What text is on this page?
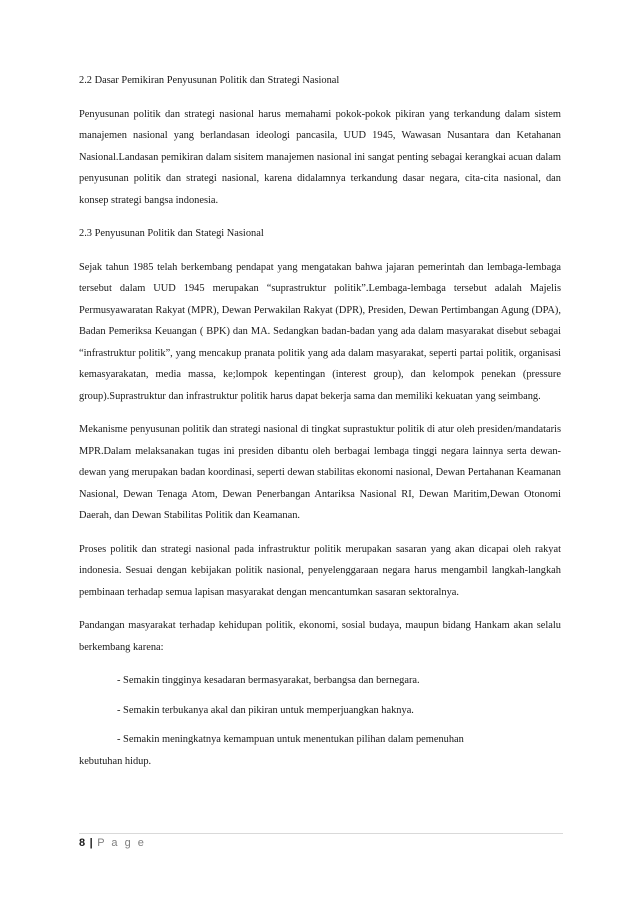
2.2 Dasar Pemikiran Penyusunan Politik dan Strategi Nasional

Penyusunan politik dan strategi nasional harus memahami pokok-pokok pikiran yang terkandung dalam sistem manajemen nasional yang berlandasan ideologi pancasila, UUD 1945, Wawasan Nusantara dan Ketahanan Nasional.Landasan pemikiran dalam sisitem manajemen nasional ini sangat penting sebagai kerangkai acuan dalam penyusunan politik dan strategi nasional, karena didalamnya terkandung dasar negara, cita-cita nasional, dan konsep strategi bangsa indonesia.

2.3 Penyusunan Politik dan Stategi Nasional

Sejak tahun 1985 telah berkembang pendapat yang mengatakan bahwa jajaran pemerintah dan lembaga-lembaga tersebut dalam UUD 1945 merupakan “suprastruktur politik”.Lembaga-lembaga tersebut adalah Majelis Permusyawaratan Rakyat (MPR), Dewan Perwakilan Rakyat (DPR), Presiden, Dewan Pertimbangan Agung (DPA), Badan Pemeriksa Keuangan ( BPK) dan MA. Sedangkan badan-badan yang ada dalam masyarakat disebut sebagai “infrastruktur politik”, yang mencakup pranata politik yang ada dalam masyarakat, seperti partai politik, organisasi kemasyarakatan, media massa, ke;lompok kepentingan (interest group), dan kelompok penekan (pressure group).Suprastruktur dan infrastruktur politik harus dapat bekerja sama dan memiliki kekuatan yang seimbang.

Mekanisme penyusunan politik dan strategi nasional di tingkat suprastuktur politik di atur oleh presiden/mandataris MPR.Dalam melaksanakan tugas ini presiden dibantu oleh berbagai lembaga tinggi negara lainnya serta dewan-dewan yang merupakan badan koordinasi, seperti dewan stabilitas ekonomi nasional, Dewan Pertahanan Keamanan Nasional, Dewan Tenaga Atom, Dewan Penerbangan Antariksa Nasional RI, Dewan Maritim,Dewan Otonomi Daerah, dan Dewan Stabilitas Politik dan Keamanan.

Proses politik dan strategi nasional pada infrastruktur politik merupakan sasaran yang akan dicapai oleh rakyat indonesia. Sesuai dengan kebijakan politik nasional, penyelenggaraan negara harus mengambil langkah-langkah pembinaan terhadap semua lapisan masyarakat dengan mencantumkan sasaran sektoralnya.

Pandangan masyarakat terhadap kehidupan politik, ekonomi, sosial budaya, maupun bidang Hankam akan selalu berkembang karena:

- Semakin tingginya kesadaran bermasyarakat, berbangsa dan bernegara.
- Semakin terbukanya akal dan pikiran untuk memperjuangkan haknya.
- Semakin meningkatnya kemampuan untuk menentukan pilihan dalam pemenuhan
kebutuhan hidup.
8 | P a g e
